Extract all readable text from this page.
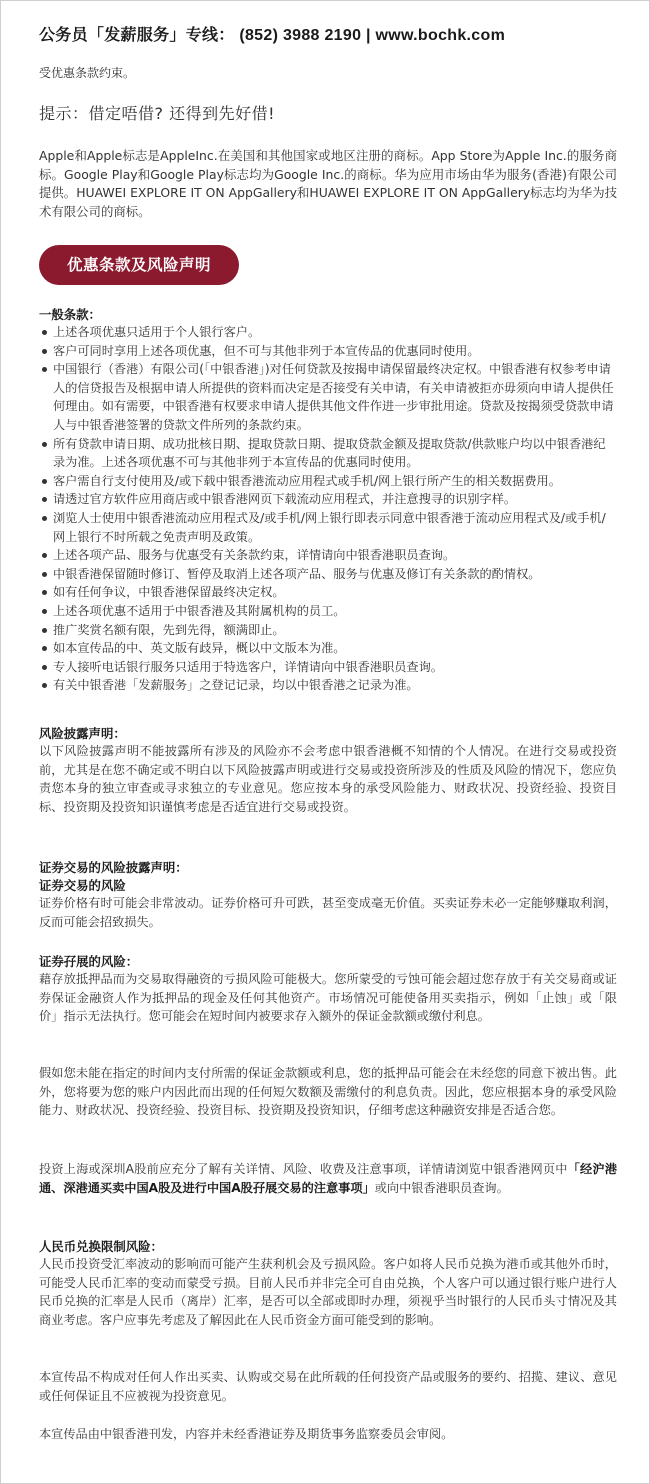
公务员「发薪服务」专线： (852) 3988 2190 | www.bochk.com
受优惠条款约束。
提示：借定唔借? 还得到先好借!
Apple和Apple标志是AppleInc.在美国和其他国家或地区注册的商标。App Store为Apple Inc.的服务商标。Google Play和Google Play标志均为Google Inc.的商标。华为应用市场由华为服务(香港)有限公司提供。HUAWEI EXPLORE IT ON AppGallery和HUAWEI EXPLORE IT ON AppGallery标志均为华为技术有限公司的商标。
优惠条款及风险声明
一般条款：
上述各项优惠只适用于个人银行客户。
客户可同时享用上述各项优惠，但不可与其他非列于本宣传品的优惠同时使用。
中国银行（香港）有限公司(「中银香港」)对任何贷款及按揭申请保留最终决定权。中银香港有权参考申请人的信贷报告及根据申请人所提供的资料而决定是否接受有关申请，有关申请被拒亦毋须向申请人提供任何理由。如有需要，中银香港有权要求申请人提供其他文件作进一步审批用途。贷款及按揭须受贷款申请人与中银香港签署的贷款文件所列的条款约束。
所有贷款申请日期、成功批核日期、提取贷款日期、提取贷款金额及提取贷款/供款账户均以中银香港纪录为准。上述各项优惠不可与其他非列于本宣传品的优惠同时使用。
客户需自行支付使用及/或下载中银香港流动应用程式或手机/网上银行所产生的相关数据费用。
请透过官方软件应用商店或中银香港网页下载流动应用程式，并注意搜寻的识别字样。
浏览人士使用中银香港流动应用程式及/或手机/网上银行即表示同意中银香港于流动应用程式及/或手机/网上银行不时所载之免责声明及政策。
上述各项产品、服务与优惠受有关条款约束，详情请向中银香港职员查询。
中银香港保留随时修订、暂停及取消上述各项产品、服务与优惠及修订有关条款的酌情权。
如有任何争议，中银香港保留最终决定权。
上述各项优惠不适用于中银香港及其附属机构的员工。
推广奖赏名额有限，先到先得，额满即止。
如本宣传品的中、英文版有歧异，概以中文版本为准。
专人接听电话银行服务只适用于特选客户，详情请向中银香港职员查询。
有关中银香港「发薪服务」之登记记录，均以中银香港之记录为准。
风险披露声明：
以下风险披露声明不能披露所有涉及的风险亦不会考虑中银香港概不知情的个人情况。在进行交易或投资前，尤其是在您不确定或不明白以下风险披露声明或进行交易或投资所涉及的性质及风险的情况下，您应负责您本身的独立审查或寻求独立的专业意见。您应按本身的承受风险能力、财政状况、投资经验、投资目标、投资期及投资知识谨慎考虑是否适宜进行交易或投资。
证券交易的风险披露声明：
证券交易的风险
证券价格有时可能会非常波动。证券价格可升可跌，甚至变成毫无价值。买卖证券未必一定能够赚取利润，反而可能会招致损失。
证券孖展的风险：
藉存放抵押品而为交易取得融资的亏损风险可能极大。您所蒙受的亏蚀可能会超过您存放于有关交易商或证券保证金融资人作为抵押品的现金及任何其他资产。市场情况可能使备用买卖指示，例如「止蚀」或「限价」指示无法执行。您可能会在短时间内被要求存入额外的保证金款额或缴付利息。
假如您未能在指定的时间内支付所需的保证金款额或利息，您的抵押品可能会在未经您的同意下被出售。此外，您将要为您的账户内因此而出现的任何短欠数额及需缴付的利息负责。因此，您应根据本身的承受风险能力、财政状况、投资经验、投资目标、投资期及投资知识，仔细考虑这种融资安排是否适合您。
投资上海或深圳A股前应充分了解有关详情、风险、收费及注意事项，详情请浏览中银香港网页中「经沪港通、深港通买卖中国A股及进行中国A股孖展交易的注意事项」或向中银香港职员查询。
人民币兑换限制风险：
人民币投资受汇率波动的影响而可能产生获利机会及亏损风险。客户如将人民币兑换为港币或其他外币时，可能受人民币汇率的变动而蒙受亏损。目前人民币并非完全可自由兑换，个人客户可以通过银行账户进行人民币兑换的汇率是人民币（离岸）汇率，是否可以全部或即时办理，须视乎当时银行的人民币头寸情况及其商业考虑。客户应事先考虑及了解因此在人民币资金方面可能受到的影响。
本宣传品不构成对任何人作出买卖、认购或交易在此所载的任何投资产品或服务的要约、招揽、建议、意见或任何保证且不应被视为投资意见。
本宣传品由中银香港刊发，内容并未经香港证券及期货事务监察委员会审阅。
